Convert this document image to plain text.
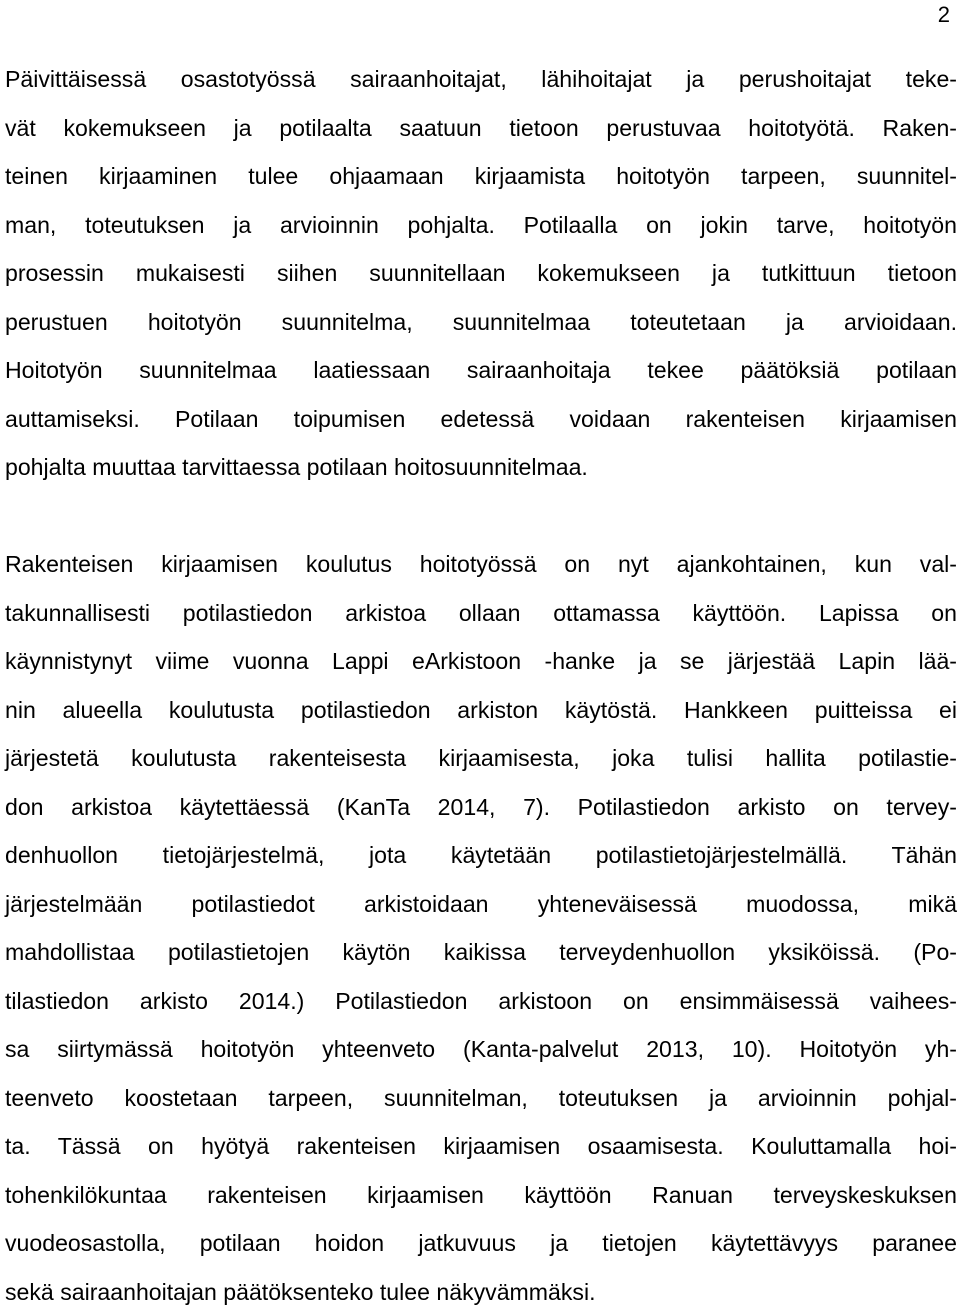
2

Päivittäisessä osastotyössä sairaanhoitajat, lähihoitajat ja perushoitajat teke-

vät kokemukseen ja potilaalta saatuun tietoon perustuvaa hoitotyötä. Raken-

teinen kirjaaminen tulee ohjaamaan kirjaamista hoitotyön tarpeen, suunnitel-

man, toteutuksen ja arvioinnin pohjalta. Potilaalla on jokin tarve, hoitotyön

prosessin mukaisesti siihen suunnitellaan kokemukseen ja tutkittuun tietoon

perustuen hoitotyön suunnitelma, suunnitelmaa toteutetaan ja arvioidaan.

Hoitotyön suunnitelmaa laatiessaan sairaanhoitaja tekee päätöksiä potilaan

auttamiseksi. Potilaan toipumisen edetessä voidaan rakenteisen kirjaamisen

pohjalta muuttaa tarvittaessa potilaan hoitosuunnitelmaa.

Rakenteisen kirjaamisen koulutus hoitotyössä on nyt ajankohtainen, kun val-

takunnallisesti potilastiedon arkistoa ollaan ottamassa käyttöön. Lapissa on

käynnistynyt viime vuonna Lappi eArkistoon -hanke ja se järjestää Lapin lää-

nin alueella koulutusta potilastiedon arkiston käytöstä. Hankkeen puitteissa ei

järjestetä koulutusta rakenteisesta kirjaamisesta, joka tulisi hallita potilastie-

don arkistoa käytettäessä (KanTa 2014, 7). Potilastiedon arkisto on tervey-

denhuollon tietojärjestelmä, jota käytetään potilastietojärjestelmällä. Tähän

järjestelmään potilastiedot arkistoidaan yhteneväisessä muodossa, mikä

mahdollistaa potilastietojen käytön kaikissa terveydenhuollon yksiköissä. (Po-

tilastiedon arkisto 2014.) Potilastiedon arkistoon on ensimmäisessä vaihees-

sa siirtymässä hoitotyön yhteenveto (Kanta-palvelut 2013, 10). Hoitotyön yh-

teenveto koostetaan tarpeen, suunnitelman, toteutuksen ja arvioinnin pohjal-

ta. Tässä on hyötyä rakenteisen kirjaamisen osaamisesta. Kouluttamalla hoi-

tohenkilökuntaa rakenteisen kirjaamisen käyttöön Ranuan terveyskeskuksen

vuodeosastolla, potilaan hoidon jatkuvuus ja tietojen käytettävyys paranee

sekä sairaanhoitajan päätöksenteko tulee näkyvämmäksi.
